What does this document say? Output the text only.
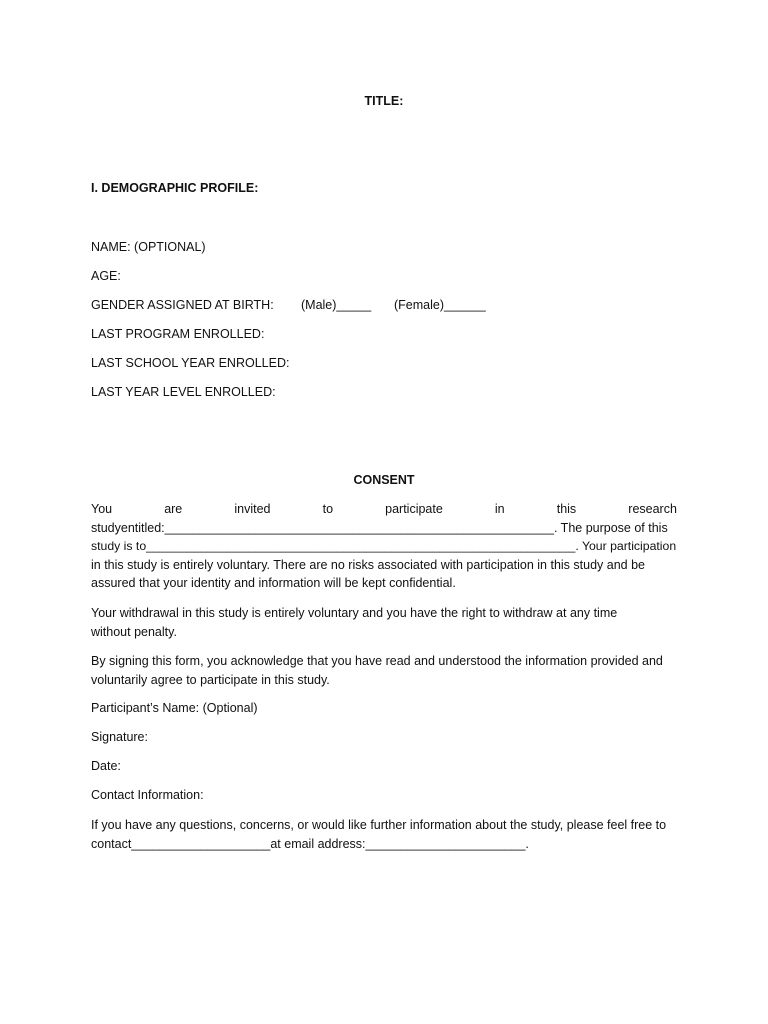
TITLE:
I. DEMOGRAPHIC PROFILE:
NAME: (OPTIONAL)
AGE:
GENDER ASSIGNED AT BIRTH: (Male)_____ (Female)______
LAST PROGRAM ENROLLED:
LAST SCHOOL YEAR ENROLLED:
LAST YEAR LEVEL ENROLLED:
CONSENT
You	are	invited	to	participate	in	this	research
studyentitled:________________________________________________________. The purpose of this
study is to_______________________________________________________________. Your participation
in this study is entirely voluntary. There are no risks associated with participation in this study and be
assured that your identity and information will be kept confidential.
Your withdrawal in this study is entirely voluntary and you have the right to withdraw at any time
without penalty.
By signing this form, you acknowledge that you have read and understood the information provided and
voluntarily agree to participate in this study.
Participant’s Name: (Optional)
Signature:
Date:
Contact Information:
If you have any questions, concerns, or would like further information about the study, please feel free to
contact____________________at email address:_______________________.
